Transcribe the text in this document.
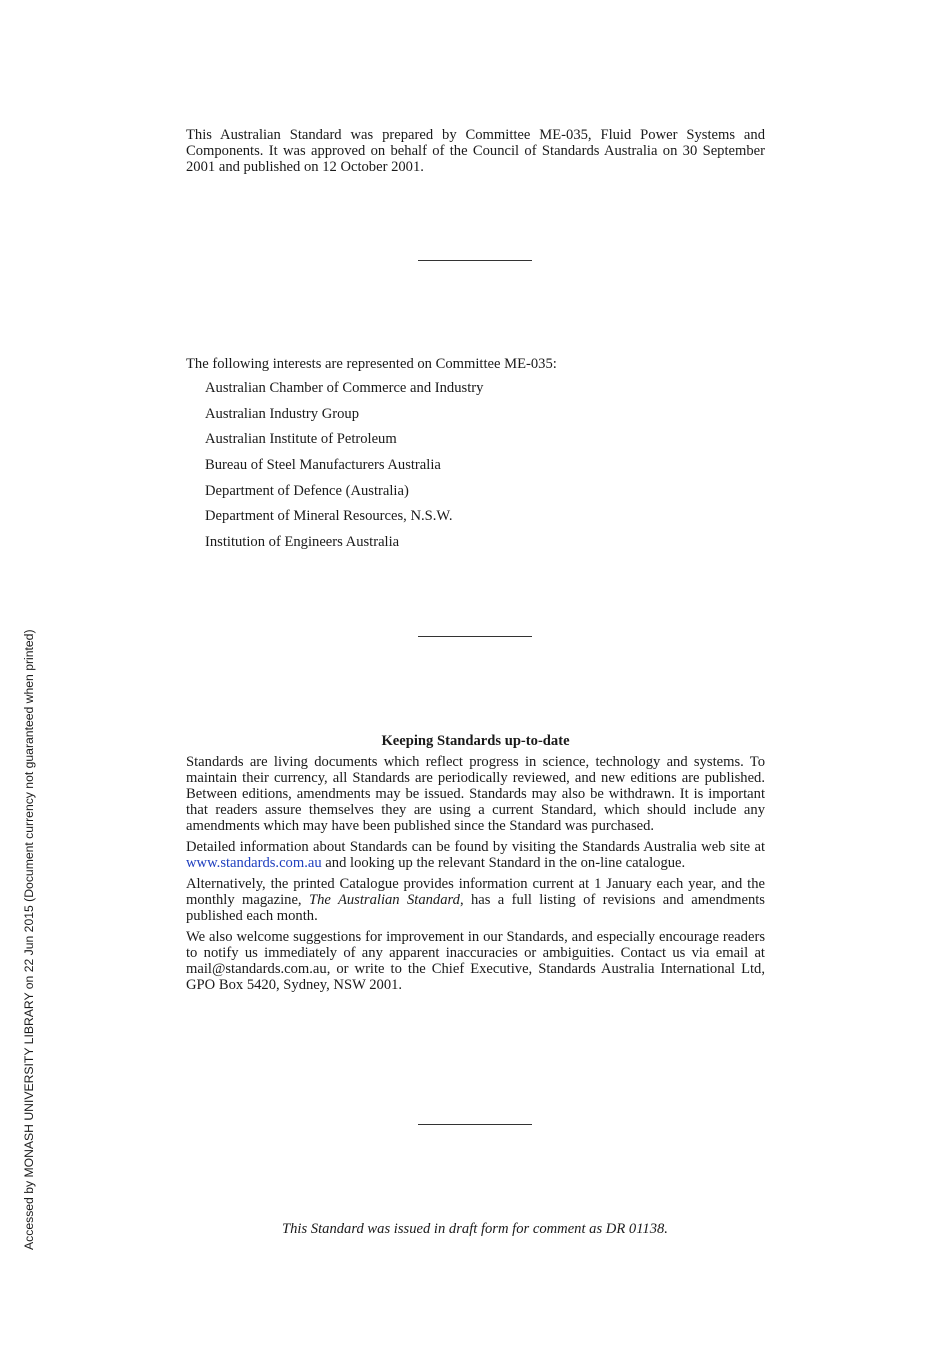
This Australian Standard was prepared by Committee ME-035, Fluid Power Systems and Components. It was approved on behalf of the Council of Standards Australia on 30 September 2001 and published on 12 October 2001.

The following interests are represented on Committee ME-035:

Australian Chamber of Commerce and Industry
Australian Industry Group
Australian Institute of Petroleum
Bureau of Steel Manufacturers Australia
Department of Defence (Australia)
Department of Mineral Resources, N.S.W.
Institution of Engineers Australia
Keeping Standards up-to-date

Standards are living documents which reflect progress in science, technology and systems. To maintain their currency, all Standards are periodically reviewed, and new editions are published. Between editions, amendments may be issued. Standards may also be withdrawn. It is important that readers assure themselves they are using a current Standard, which should include any amendments which may have been published since the Standard was purchased.

Detailed information about Standards can be found by visiting the Standards Australia web site at www.standards.com.au and looking up the relevant Standard in the on-line catalogue.

Alternatively, the printed Catalogue provides information current at 1 January each year, and the monthly magazine, The Australian Standard, has a full listing of revisions and amendments published each month.

We also welcome suggestions for improvement in our Standards, and especially encourage readers to notify us immediately of any apparent inaccuracies or ambiguities. Contact us via email at mail@standards.com.au, or write to the Chief Executive, Standards Australia International Ltd, GPO Box 5420, Sydney, NSW 2001.

This Standard was issued in draft form for comment as DR 01138.

Accessed by MONASH UNIVERSITY LIBRARY on 22 Jun 2015 (Document currency not guaranteed when printed)
